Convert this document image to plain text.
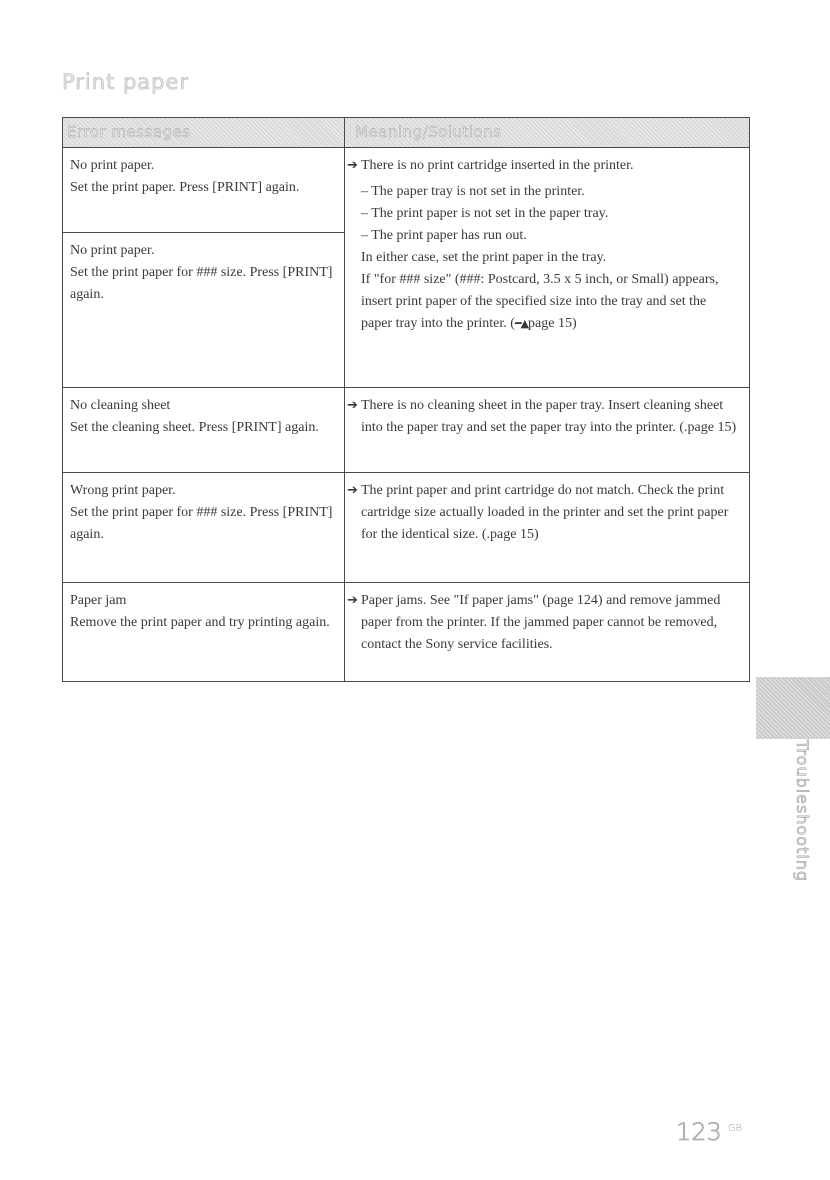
Print paper
Error messages	Meaning/Solutions

No print paper.

Set the print paper. Press [PRINT] again.

No print paper.

Set the print paper for ### size. Press [PRINT] again.

➔ There is no print cartridge inserted in the printer.

– The paper tray is not set in the printer.
– The print paper is not set in the paper tray.
– The print paper has run out.

In either case, set the print paper in the tray.

If "for ### size" (###: Postcard, 3.5 x 5 inch, or Small) appears, insert print paper of the specified size into the tray and set the paper tray into the printer. (━▲page 15)

No cleaning sheet

Set the cleaning sheet. Press [PRINT] again.

➔ There is no cleaning sheet in the paper tray. Insert cleaning sheet into the paper tray and set the paper tray into the printer. (.page 15)

Wrong print paper.

Set the print paper for ### size. Press [PRINT] again.

➔ The print paper and print cartridge do not match. Check the print cartridge size actually loaded in the printer and set the print paper for the identical size. (.page 15)

Paper jam

Remove the print paper and try printing again.

➔ Paper jams. See "If paper jams" (page 124) and remove jammed paper from the printer. If the jammed paper cannot be removed, contact the Sony service facilities.

Troubleshooting
123 $^{GB}$
